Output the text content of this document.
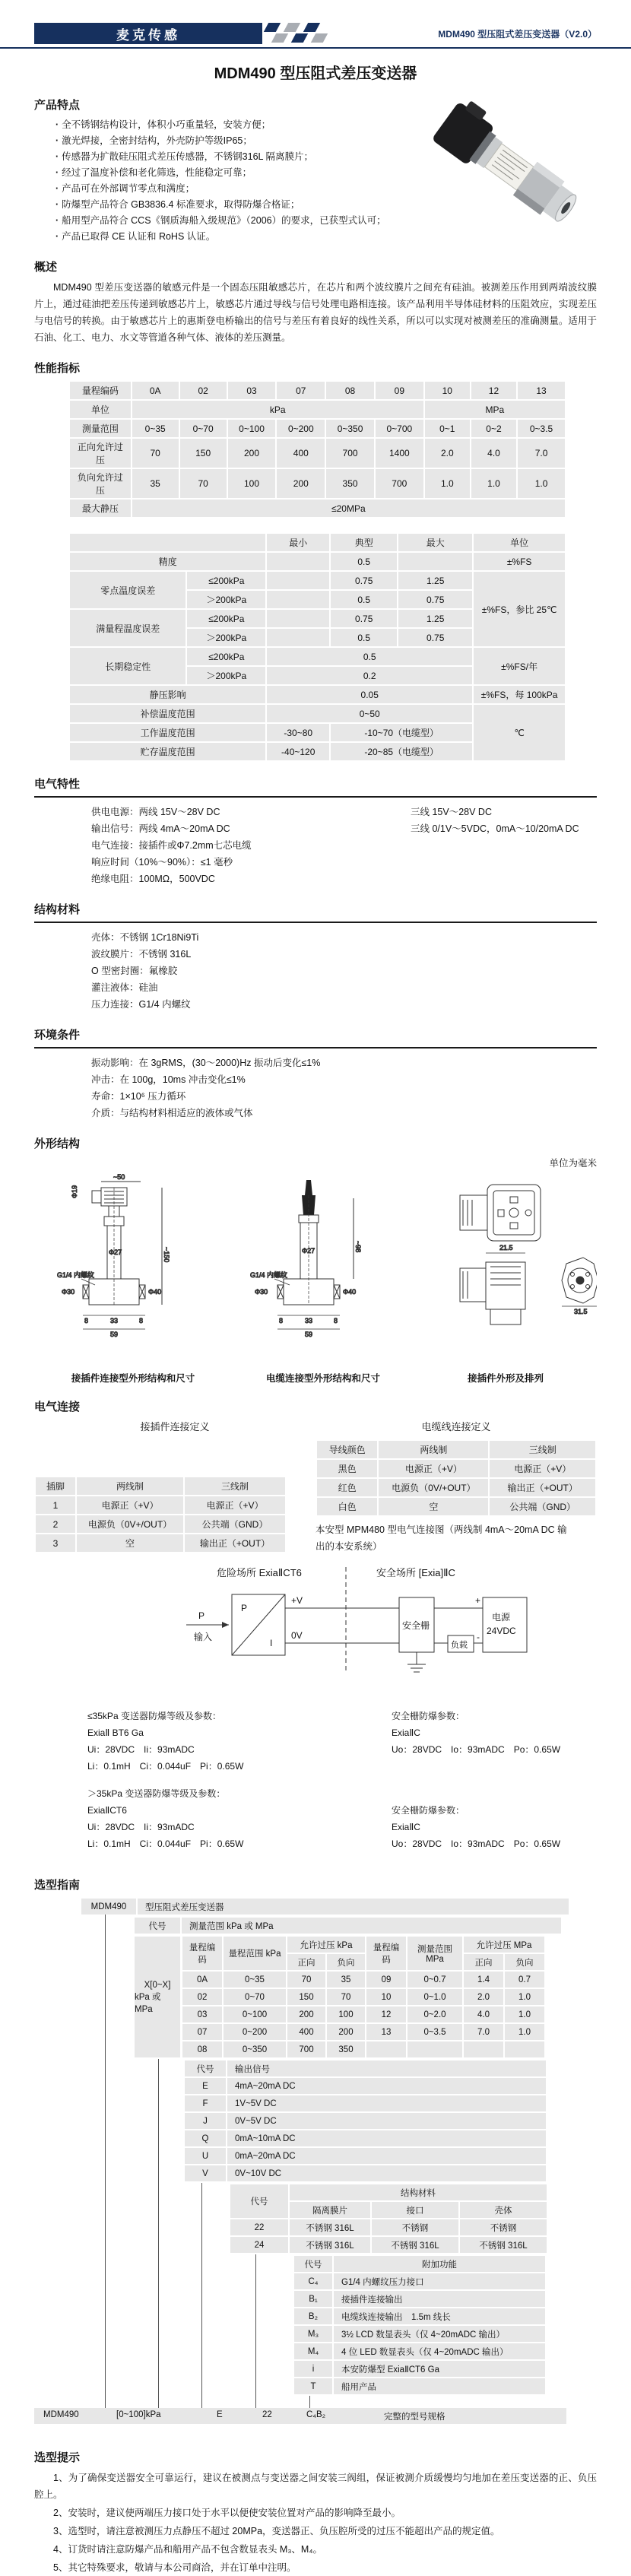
麦克传感	MDM490 型压阻式差压变送器（V2.0）
MDM490 型压阻式差压变送器
产品特点
· 全不锈钢结构设计，体积小巧重量轻，安装方便；
· 激光焊接，全密封结构，外壳防护等级IP65；
· 传感器为扩散硅压阻式差压传感器，不锈钢316L 隔离膜片；
· 经过了温度补偿和老化筛选，性能稳定可靠；
· 产品可在外部调节零点和满度；
· 防爆型产品符合 GB3836.4 标准要求，取得防爆合格证；
· 船用型产品符合 CCS《钢质海船入级规范》（2006）的要求，已获型式认可；
· 产品已取得 CE 认证和 RoHS 认证。
概述

MDM490 型差压变送器的敏感元件是一个固态压阻敏感芯片，在芯片和两个波纹膜片之间充有硅油。被测差压作用到两端波纹膜片上，通过硅油把差压传递到敏感芯片上，敏感芯片通过导线与信号处理电路相连接。该产品利用半导体硅材料的压阻效应，实现差压与电信号的转换。由于敏感芯片上的惠斯登电桥输出的信号与差压有着良好的线性关系，所以可以实现对被测差压的准确测量。适用于石油、化工、电力、水文等管道各种气体、液体的差压测量。

性能指标
量程编码	0A	02	03	07	08	09	10	12	13
单位	kPa						MPa		
测量范围	0~35	0~70	0~100	0~200	0~350	0~700	0~1	0~2	0~3.5
正向允许过压	70	150	200	400	700	1400	2.0	4.0	7.0
负向允许过压	35	70	100	200	350	700	1.0	1.0	1.0
最大静压	≤20MPa								
		最小	典型	最大	单位
精度			0.5		±%FS
零点温度误差	≤200kPa		0.75	1.25	±%FS，参比 25℃
	＞200kPa		0.5	0.75	
满量程温度误差	≤200kPa		0.75	1.25	
	＞200kPa		0.5	0.75	
长期稳定性	≤200kPa	0.5			±%FS/年
	＞200kPa	0.2			
静压影响		0.05			±%FS，每 100kPa
补偿温度范围		0~50			℃
工作温度范围		-30~80	-10~70（电缆型）		
贮存温度范围		-40~120	-20~85（电缆型）		
电气特性
供电电源：两线 15V～28V DC	三线 15V～28V DC
输出信号：两线 4mA～20mA DC	三线 0/1V～5VDC，0mA～10/20mA DC
电气连接：接插件或Φ7.2mm七芯电缆
响应时间（10%～90%）：≤1 毫秒
绝缘电阻：100MΩ，500VDC
结构材料
壳体：不锈钢 1Cr18Ni9Ti
波纹膜片：不锈钢 316L
O 型密封圈：氟橡胶
灌注液体：硅油
压力连接：G1/4 内螺纹
环境条件
振动影响：在 3gRMS，(30～2000)Hz 振动后变化≤1%
冲击：在 100g，10ms 冲击变化≤1%
寿命：1×10⁶ 压力循环
介质：与结构材料相适应的液体或气体
外形结构
单位为毫米
~50
Φ19
Φ27	~150
G1/4 内螺纹
Φ30	Φ40
8	33	8
59
Φ27	~98
G1/4 内螺纹
Φ30	Φ40
8	33	8
59
21.5
31.5
接插件连接型外形结构和尺寸	电缆连接型外形结构和尺寸	接插件外形及排列
电气连接
接插件连接定义	电缆线连接定义
插脚	两线制	三线制
1	电源正（+V）	电源正（+V）
2	电源负（0V+/OUT）	公共端（GND）
3	空	输出正（+OUT）
导线颜色	两线制	三线制
黑色	电源正（+V）	电源正（+V）
红色	电源负（0V/+OUT）	输出正（+OUT）
白色	空	公共端（GND）
本安型 MPM480 型电气连接图（两线制 4mA～20mA DC 输出的本安系统）
危险场所 ExiaⅡCT6	安全场所 [Exia]ⅡC
P
I
P
输入
+V
0V
安全栅
负载
电源
24VDC
+
-
≤35kPa 变送器防爆等级及参数：
ExiaⅡ BT6 Ga
Ui：28VDC　Ii：93mADC
Li：0.1mH　Ci：0.044uF　Pi：0.65W
＞35kPa 变送器防爆等级及参数：
ExiaⅡCT6
Ui：28VDC　Ii：93mADC
Li：0.1mH　Ci：0.044uF　Pi：0.65W
安全栅防爆参数：
ExiaⅡC
Uo：28VDC　Io：93mADC　Po：0.65W
安全栅防爆参数：
ExiaⅡC
Uo：28VDC　Io：93mADC　Po：0.65W
选型指南
MDM490	型压阻式差压变送器
代号	测量范围 kPa 或 MPa
X[0~X]
kPa 或 MPa
量程编码	量程范围 kPa	允许过压 kPa		量程编码	测量范围 MPa	允许过压 MPa	
		正向	负向			正向	负向
0A	0~35	70	35	09	0~0.7	1.4	0.7
02	0~70	150	70	10	0~1.0	2.0	1.0
03	0~100	200	100	12	0~2.0	4.0	1.0
07	0~200	400	200	13	0~3.5	7.0	1.0
08	0~350	700	350				
代号	输出信号
E	4mA~20mA DC
F	1V~5V DC
J	0V~5V DC
Q	0mA~10mA DC
U	0mA~20mA DC
V	0V~10V DC
代号	结构材料		
	隔离膜片	接口	壳体
22	不锈钢 316L	不锈钢	不锈钢
24	不锈钢 316L	不锈钢 316L	不锈钢 316L
代号	附加功能
C₄	G1/4 内螺纹压力接口
B₁	接插件连接输出
B₂	电缆线连接输出　1.5m 线长
M₃	3½ LCD 数显表头（仅 4~20mADC 输出）
M₄	4 位 LED 数显表头（仅 4~20mADC 输出）
i	本安防爆型 ExiaⅡCT6 Ga
T	船用产品
MDM490	[0~100]kPa	E	22	C₄B₂	完整的型号规格
选型提示

1、为了确保变送器安全可靠运行，建议在被测点与变送器之间安装三阀组，保证被测介质缓慢均匀地加在差压变送器的正、负压腔上。

2、安装时，建议使两端压力接口处于水平以便使安装位置对产品的影响降至最小。

3、选型时，请注意被测压力点静压不超过 20MPa，变送器正、负压腔所受的过压不能超出产品的规定值。

4、订货时请注意防爆产品和船用产品不包含数显表头 M₃、M₄。

5、其它特殊要求，敬请与本公司商洽，并在订单中注明。
